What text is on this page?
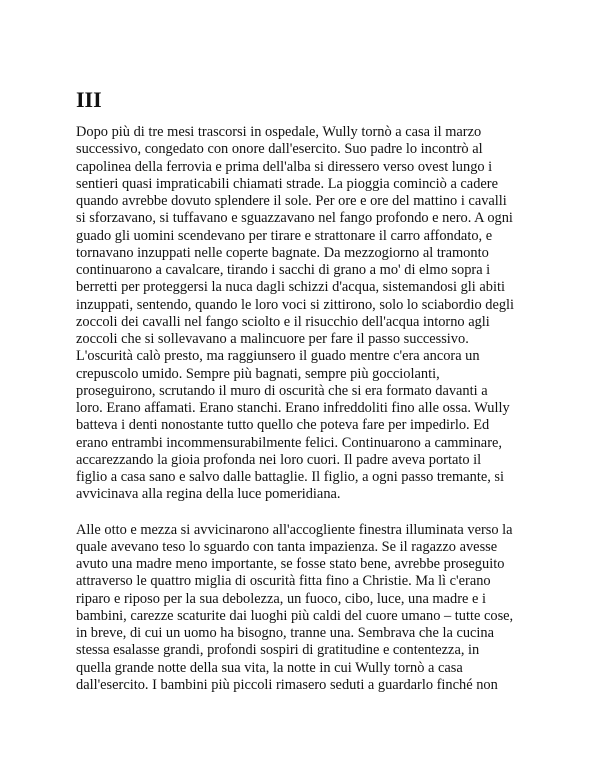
III

Dopo più di tre mesi trascorsi in ospedale, Wully tornò a casa il marzo
successivo, congedato con onore dall'esercito. Suo padre lo incontrò al
capolinea della ferrovia e prima dell'alba si diressero verso ovest lungo i
sentieri quasi impraticabili chiamati strade. La pioggia cominciò a cadere
quando avrebbe dovuto splendere il sole. Per ore e ore del mattino i cavalli
si sforzavano, si tuffavano e sguazzavano nel fango profondo e nero. A ogni
guado gli uomini scendevano per tirare e strattonare il carro affondato, e
tornavano inzuppati nelle coperte bagnate. Da mezzogiorno al tramonto
continuarono a cavalcare, tirando i sacchi di grano a mo' di elmo sopra i
berretti per proteggersi la nuca dagli schizzi d'acqua, sistemandosi gli abiti
inzuppati, sentendo, quando le loro voci si zittirono, solo lo sciabordio degli
zoccoli dei cavalli nel fango sciolto e il risucchio dell'acqua intorno agli
zoccoli che si sollevavano a malincuore per fare il passo successivo.
L'oscurità calò presto, ma raggiunsero il guado mentre c'era ancora un
crepuscolo umido. Sempre più bagnati, sempre più gocciolanti,
proseguirono, scrutando il muro di oscurità che si era formato davanti a
loro. Erano affamati. Erano stanchi. Erano infreddoliti fino alle ossa. Wully
batteva i denti nonostante tutto quello che poteva fare per impedirlo. Ed
erano entrambi incommensurabilmente felici. Continuarono a camminare,
accarezzando la gioia profonda nei loro cuori. Il padre aveva portato il
figlio a casa sano e salvo dalle battaglie. Il figlio, a ogni passo tremante, si
avvicinava alla regina della luce pomeridiana.

Alle otto e mezza si avvicinarono all'accogliente finestra illuminata verso la
quale avevano teso lo sguardo con tanta impazienza. Se il ragazzo avesse
avuto una madre meno importante, se fosse stato bene, avrebbe proseguito
attraverso le quattro miglia di oscurità fitta fino a Christie. Ma lì c'erano
riparo e riposo per la sua debolezza, un fuoco, cibo, luce, una madre e i
bambini, carezze scaturite dai luoghi più caldi del cuore umano – tutte cose,
in breve, di cui un uomo ha bisogno, tranne una. Sembrava che la cucina
stessa esalasse grandi, profondi sospiri di gratitudine e contentezza, in
quella grande notte della sua vita, la notte in cui Wully tornò a casa
dall'esercito. I bambini più piccoli rimasero seduti a guardarlo finché non
